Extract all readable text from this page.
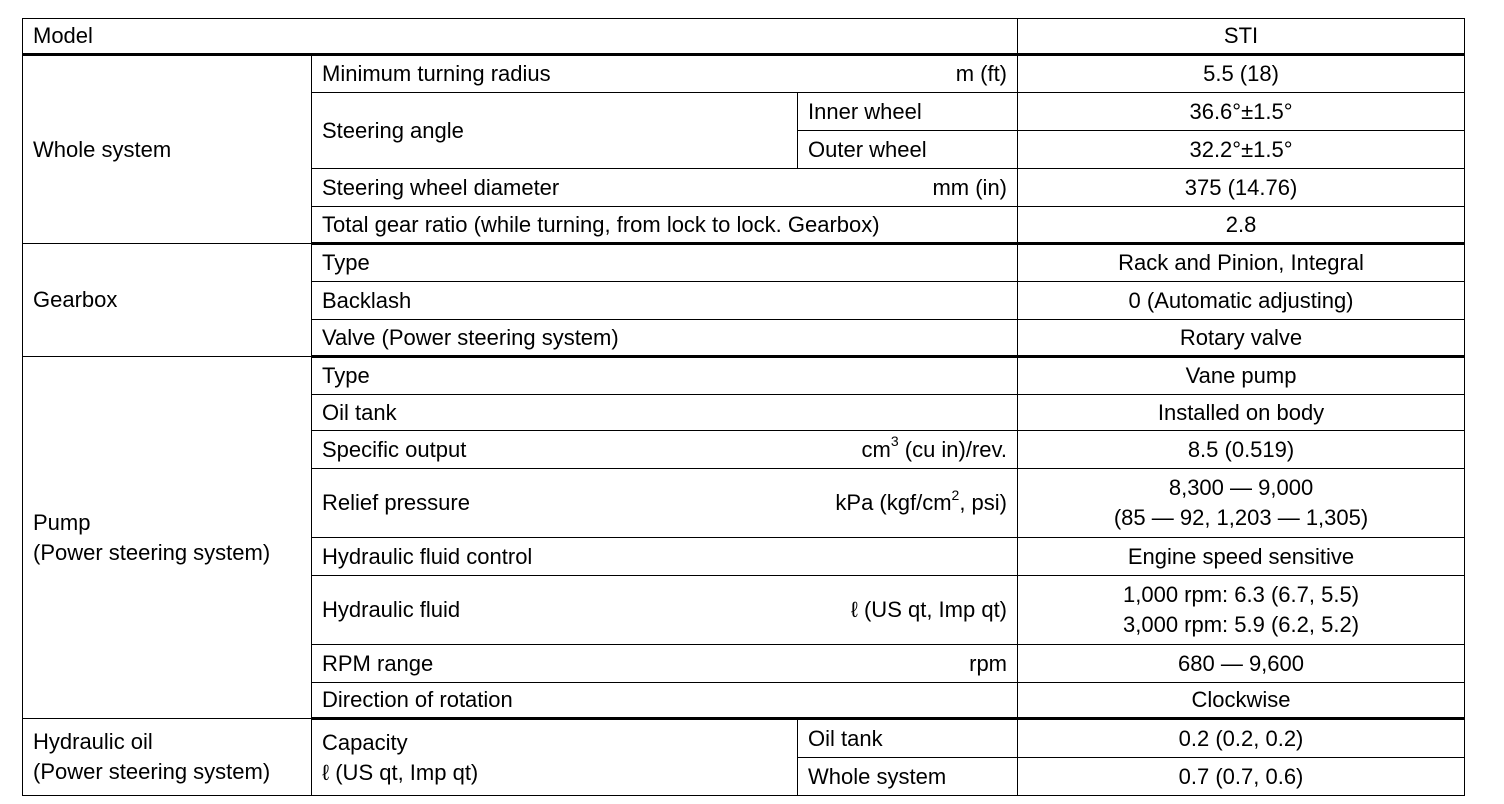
Model			STI
Whole system	Minimum turning radius m (ft)		5.5 (18)
	Steering angle	Inner wheel	36.6°±1.5°
		Outer wheel	32.2°±1.5°

	Steering wheel diameter mm (in)		375 (14.76)
	Total gear ratio (while turning, from lock to lock. Gearbox)		2.8
Gearbox	Type		Rack and Pinion, Integral
	Backlash		0 (Automatic adjusting)
	Valve (Power steering system)		Rotary valve

Pump
(Power steering system)	Type		Vane pump
	Oil tank		Installed on body

	Specific output $cm^3$ (cu in)/rev.		8.5 (0.519)

	Relief pressure kPa ($kgf/cm^2$, psi)		8,300 — 9,000
(85 — 92, 1,203 — 1,305)

	Hydraulic fluid control		Engine speed sensitive

	Hydraulic fluid ℓ (US qt, Imp qt)		1,000 rpm: 6.3 (6.7, 5.5)
3,000 rpm: 5.9 (6.2, 5.2)

	RPM range rpm		680 — 9,600
	Direction of rotation		Clockwise

Hydraulic oil
(Power steering system)	Capacity
ℓ (US qt, Imp qt)	Oil tank	0.2 (0.2, 0.2)
		Whole system	0.7 (0.7, 0.6)
